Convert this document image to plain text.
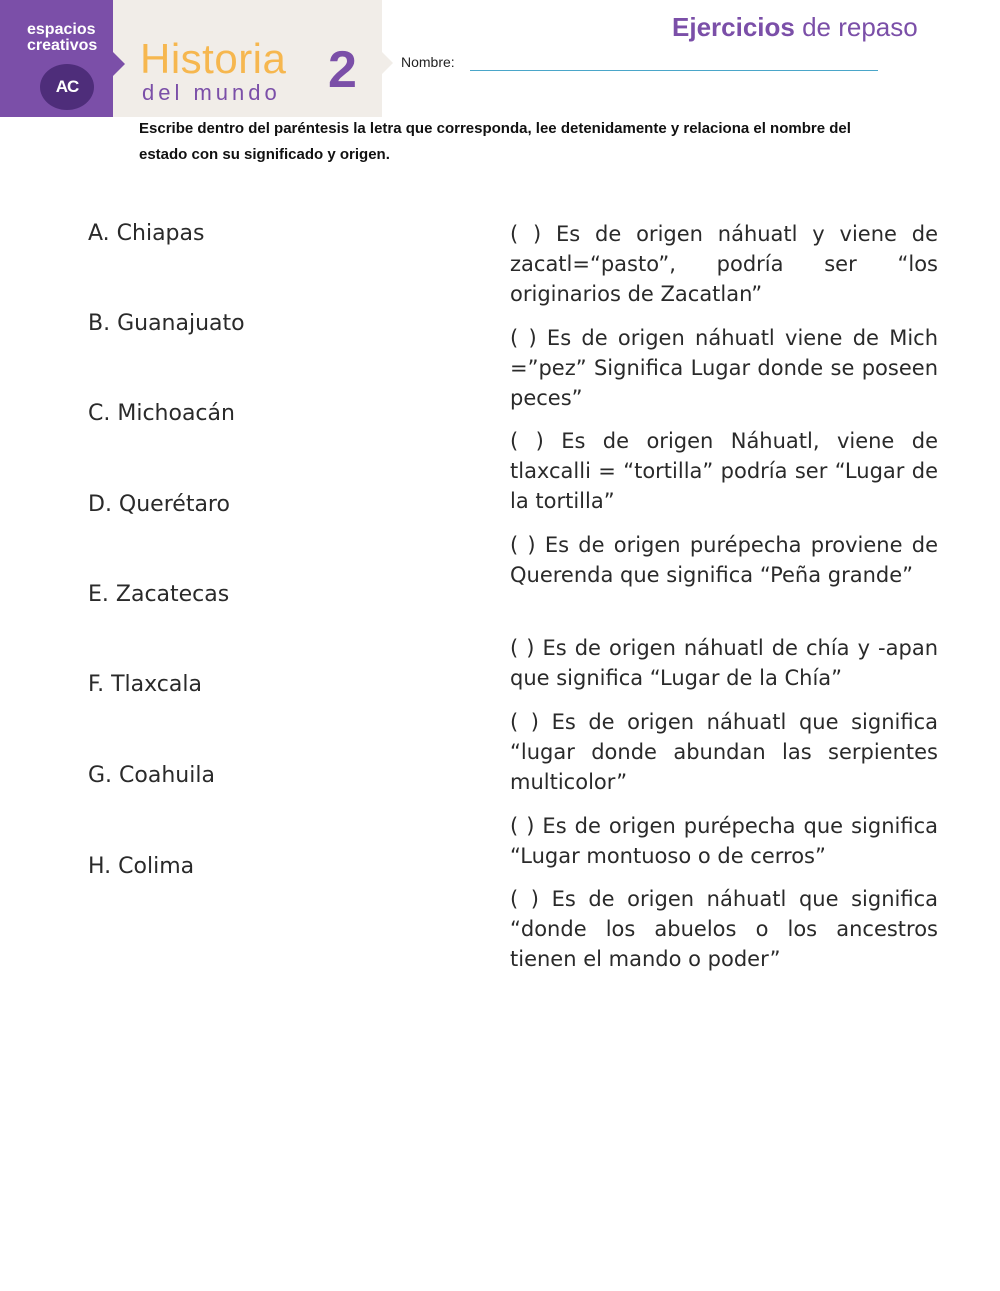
espacios
creativos
AC
Historia 2
del mundo
Ejercicios de repaso
Nombre:
Escribe dentro del paréntesis la letra que corresponda, lee detenidamente y relaciona el nombre del estado con su significado y origen.
A. Chiapas
B. Guanajuato
C. Michoacán
D. Querétaro
E. Zacatecas
F. Tlaxcala
G. Coahuila
H. Colima
( ) Es de origen náhuatl y viene de zacatl=“pasto”, podría ser “los originarios de Zacatlan”
( ) Es de origen náhuatl viene de Mich =”pez” Significa Lugar donde se poseen peces”
( ) Es de origen Náhuatl, viene de tlaxcalli = “tortilla” podría ser “Lugar de la tortilla”
( ) Es de origen purépecha proviene de Querenda que significa “Peña grande”
( ) Es de origen náhuatl de chía y -apan que significa “Lugar de la Chía”
( ) Es de origen náhuatl que significa “lugar donde abundan las serpientes multicolor”
( ) Es de origen purépecha que significa “Lugar montuoso o de cerros”
( ) Es de origen náhuatl que significa “donde los abuelos o los ancestros tienen el mando o poder”
